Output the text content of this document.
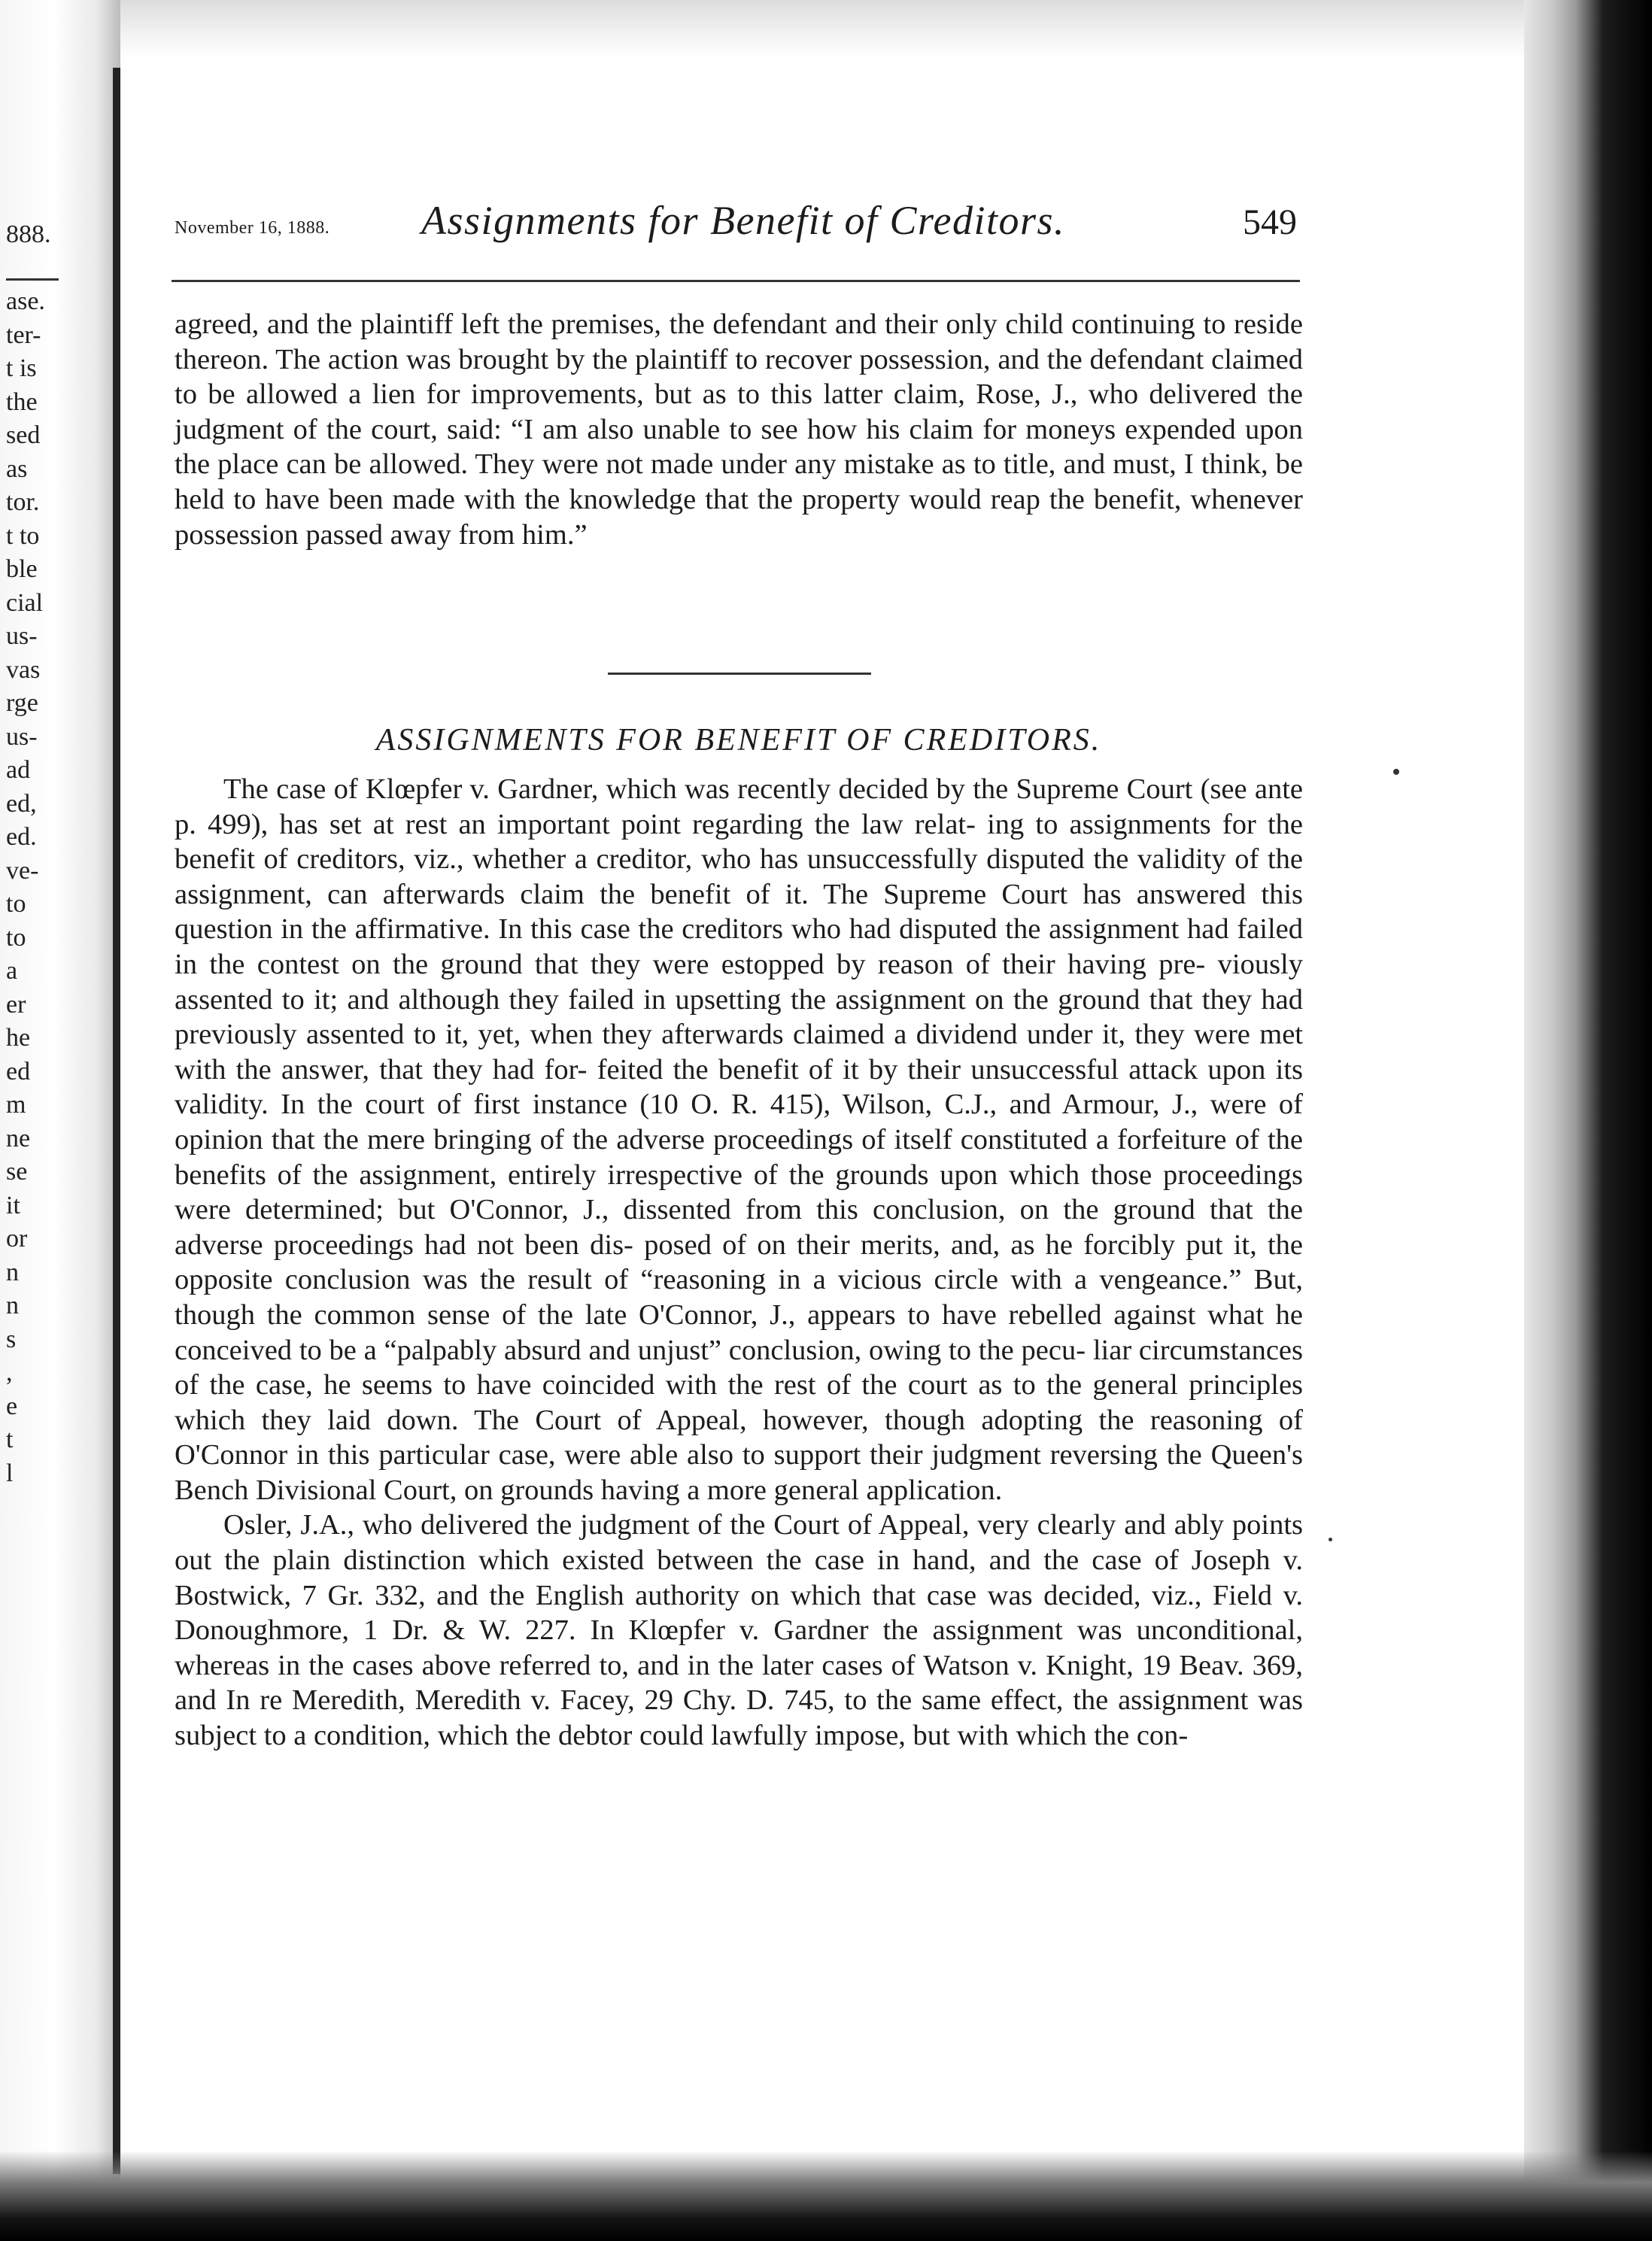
888.
ase.
ter-
t is
the
sed
as
tor.
t to
ble
cial
us-
vas
rge
us-
ad
ed,
ed.
ve-
to
to
a
er
he
ed
m
ne
se
it
or
n
n
s
,
e
t
l
November 16, 1888. Assignments for Benefit of Creditors.	549

agreed, and the plaintiff left the premises, the defendant and their only child continuing to reside thereon. The action was brought by the plaintiff to recover possession, and the defendant claimed to be allowed a lien for improvements, but as to this latter claim, Rose, J., who delivered the judgment of the court, said: “I am also unable to see how his claim for moneys expended upon the place can be allowed. They were not made under any mistake as to title, and must, I think, be held to have been made with the knowledge that the property would reap the benefit, whenever possession passed away from him.”

ASSIGNMENTS FOR BENEFIT OF CREDITORS.

The case of Klœpfer v. Gardner, which was recently decided by the Supreme Court (see ante p. 499), has set at rest an important point regarding the law relat- ing to assignments for the benefit of creditors, viz., whether a creditor, who has unsuccessfully disputed the validity of the assignment, can afterwards claim the benefit of it. The Supreme Court has answered this question in the affirmative. In this case the creditors who had disputed the assignment had failed in the contest on the ground that they were estopped by reason of their having pre- viously assented to it; and although they failed in upsetting the assignment on the ground that they had previously assented to it, yet, when they afterwards claimed a dividend under it, they were met with the answer, that they had for- feited the benefit of it by their unsuccessful attack upon its validity. In the court of first instance (10 O. R. 415), Wilson, C.J., and Armour, J., were of opinion that the mere bringing of the adverse proceedings of itself constituted a forfeiture of the benefits of the assignment, entirely irrespective of the grounds upon which those proceedings were determined; but O'Connor, J., dissented from this conclusion, on the ground that the adverse proceedings had not been dis- posed of on their merits, and, as he forcibly put it, the opposite conclusion was the result of “reasoning in a vicious circle with a vengeance.” But, though the common sense of the late O'Connor, J., appears to have rebelled against what he conceived to be a “palpably absurd and unjust” conclusion, owing to the pecu- liar circumstances of the case, he seems to have coincided with the rest of the court as to the general principles which they laid down. The Court of Appeal, however, though adopting the reasoning of O'Connor in this particular case, were able also to support their judgment reversing the Queen's Bench Divisional Court, on grounds having a more general application.

Osler, J.A., who delivered the judgment of the Court of Appeal, very clearly and ably points out the plain distinction which existed between the case in hand, and the case of Joseph v. Bostwick, 7 Gr. 332, and the English authority on which that case was decided, viz., Field v. Donoughmore, 1 Dr. & W. 227. In Klœpfer v. Gardner the assignment was unconditional, whereas in the cases above referred to, and in the later cases of Watson v. Knight, 19 Beav. 369, and In re Meredith, Meredith v. Facey, 29 Chy. D. 745, to the same effect, the assignment was subject to a condition, which the debtor could lawfully impose, but with which the con-
